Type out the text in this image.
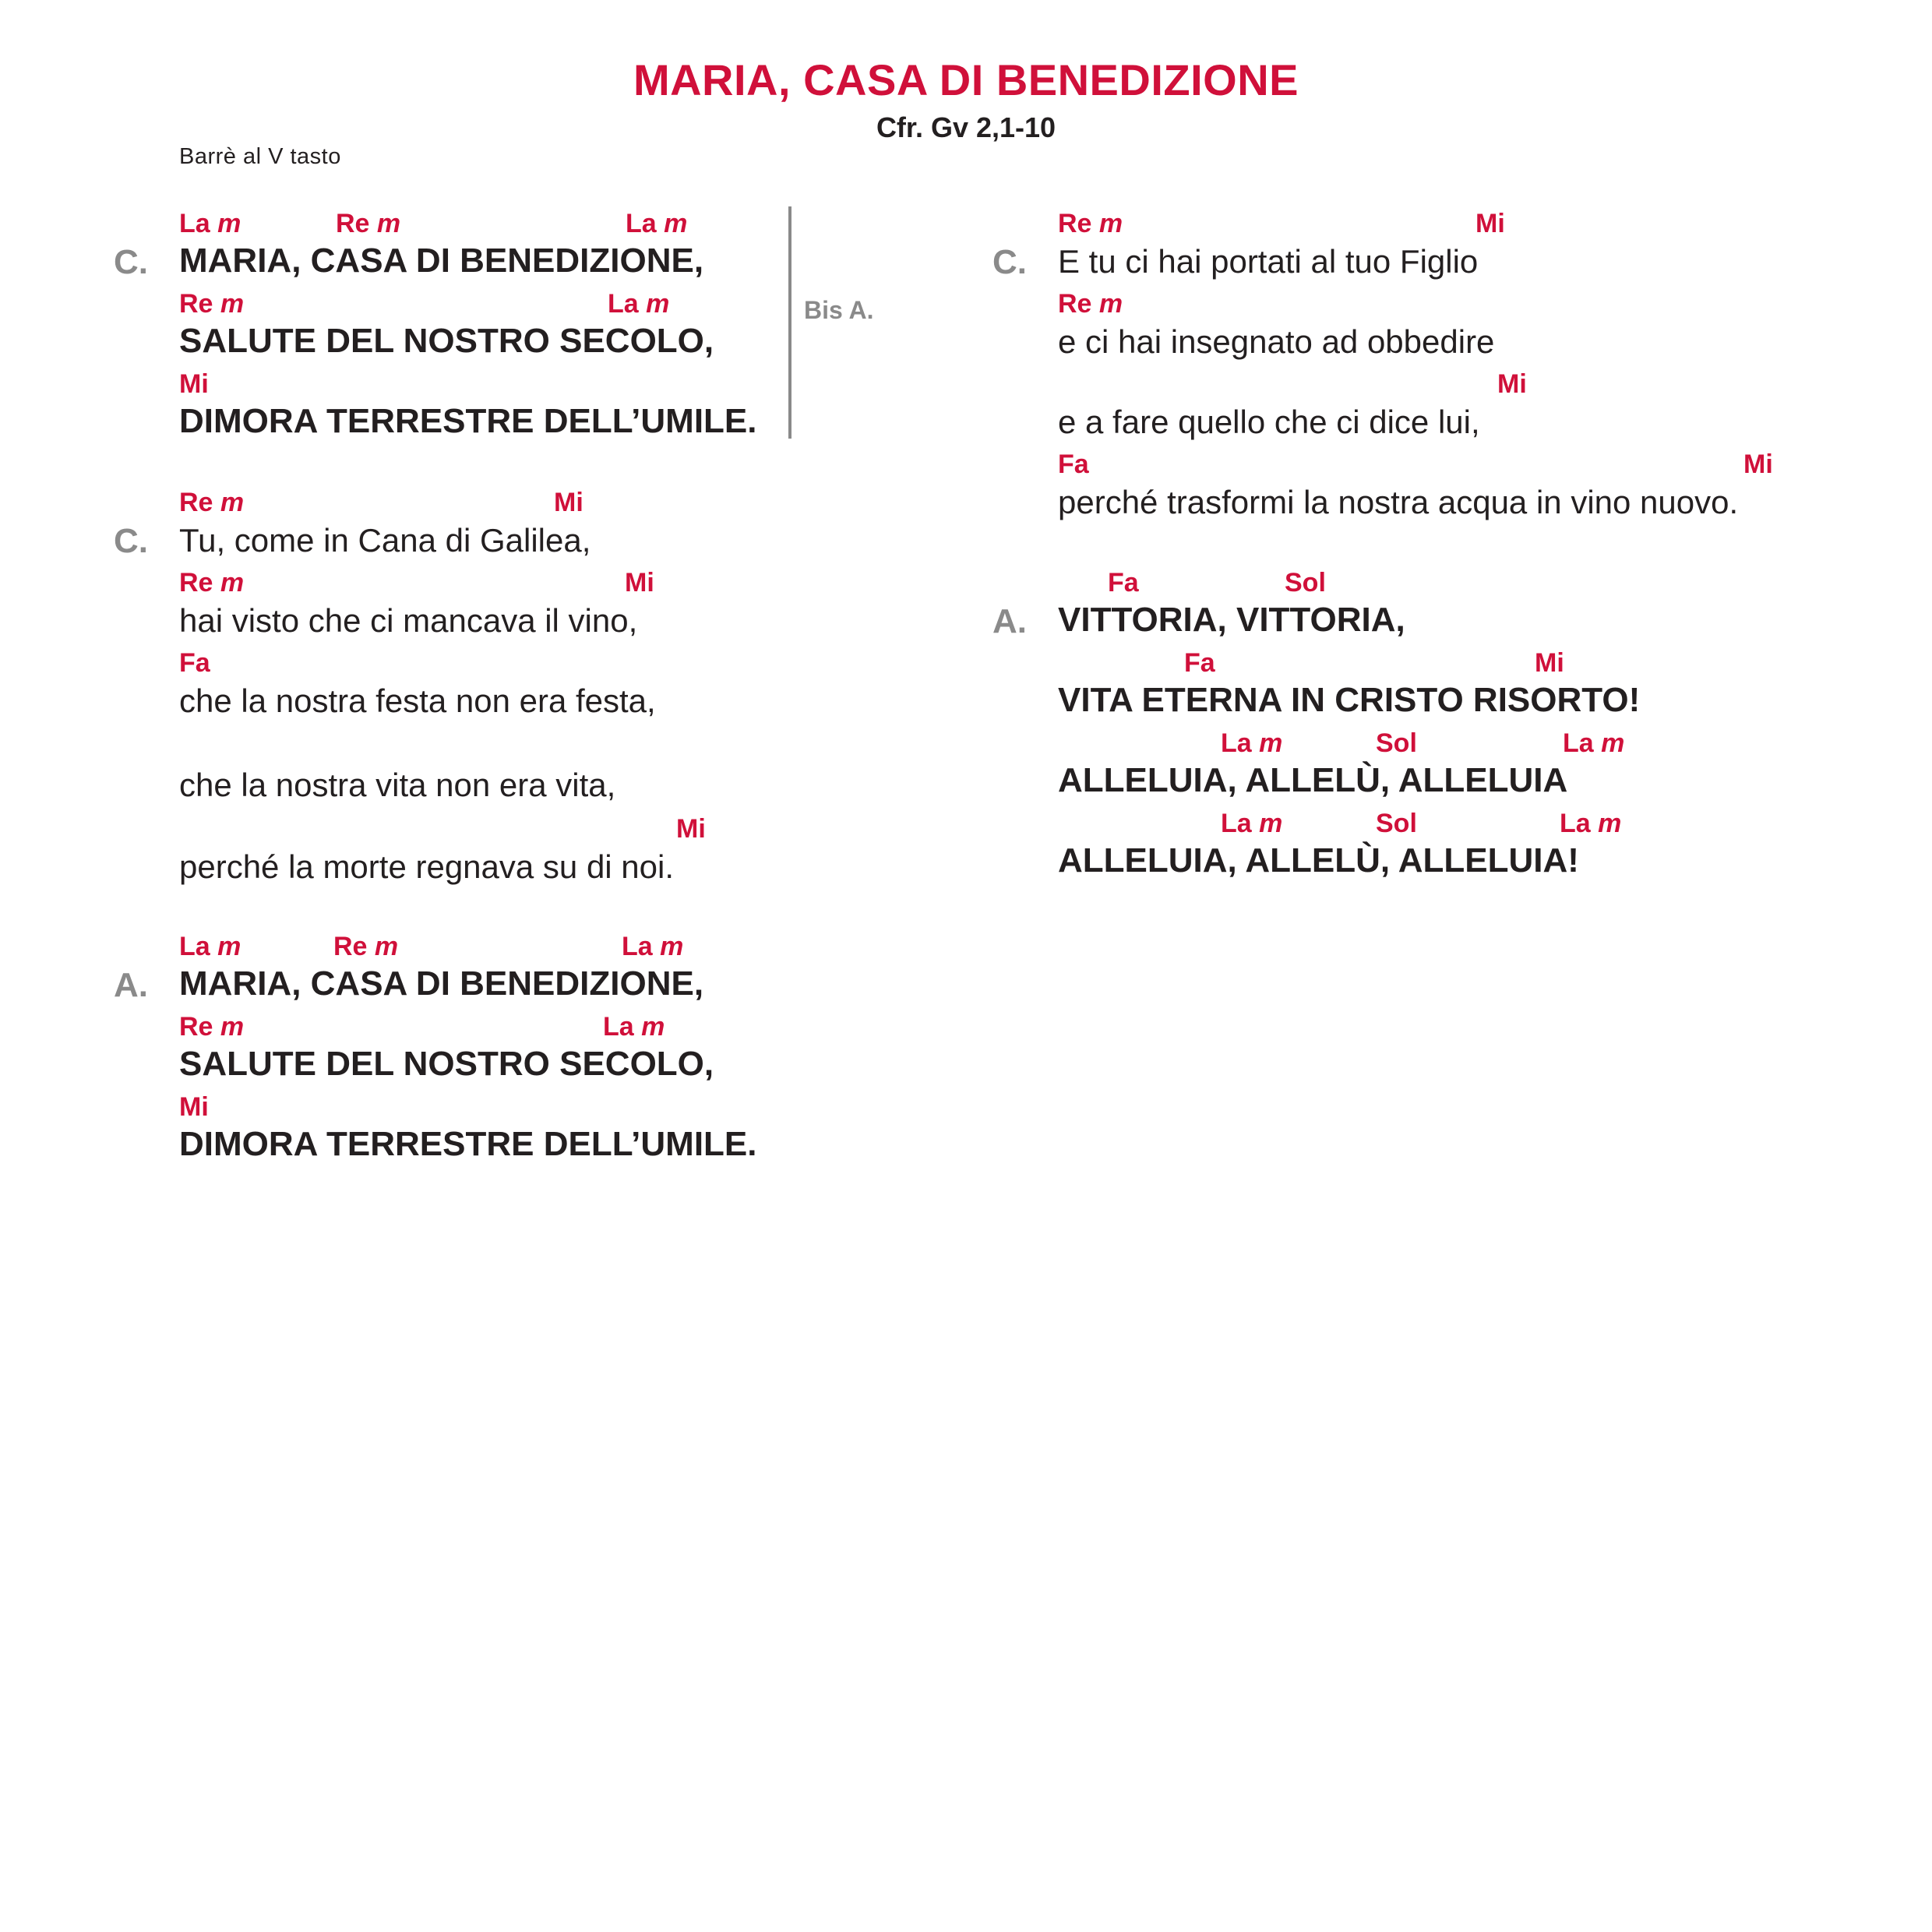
MARIA, CASA DI BENEDIZIONE
Cfr. Gv 2,1-10
Barrè al V tasto
Bis A.
C.
La m	Re m	La m
MARIA, CASA DI BENEDIZIONE,
Re m	La m
SALUTE DEL NOSTRO SECOLO,
Mi
DIMORA TERRESTRE DELL’UMILE.
C.
Re m	Mi
Tu, come in Cana di Galilea,
Re m	Mi
hai visto che ci mancava il vino,
Fa
che la nostra festa non era festa,
che la nostra vita non era vita,
Mi
perché la morte regnava su di noi.
A.
La m	Re m	La m
MARIA, CASA DI BENEDIZIONE,
Re m	La m
SALUTE DEL NOSTRO SECOLO,
Mi
DIMORA TERRESTRE DELL’UMILE.
C.
Re m	Mi
E tu ci hai portati al tuo Figlio
Re m
e ci hai insegnato ad obbedire
Mi
e a fare quello che ci dice lui,
Fa	Mi
perché trasformi la nostra acqua in vino nuovo.
A.
Fa	Sol
VITTORIA, VITTORIA,
Fa	Mi
VITA ETERNA IN CRISTO RISORTO!
La m	Sol	La m
ALLELUIA, ALLELÙ, ALLELUIA
La m	Sol	La m
ALLELUIA, ALLELÙ, ALLELUIA!
